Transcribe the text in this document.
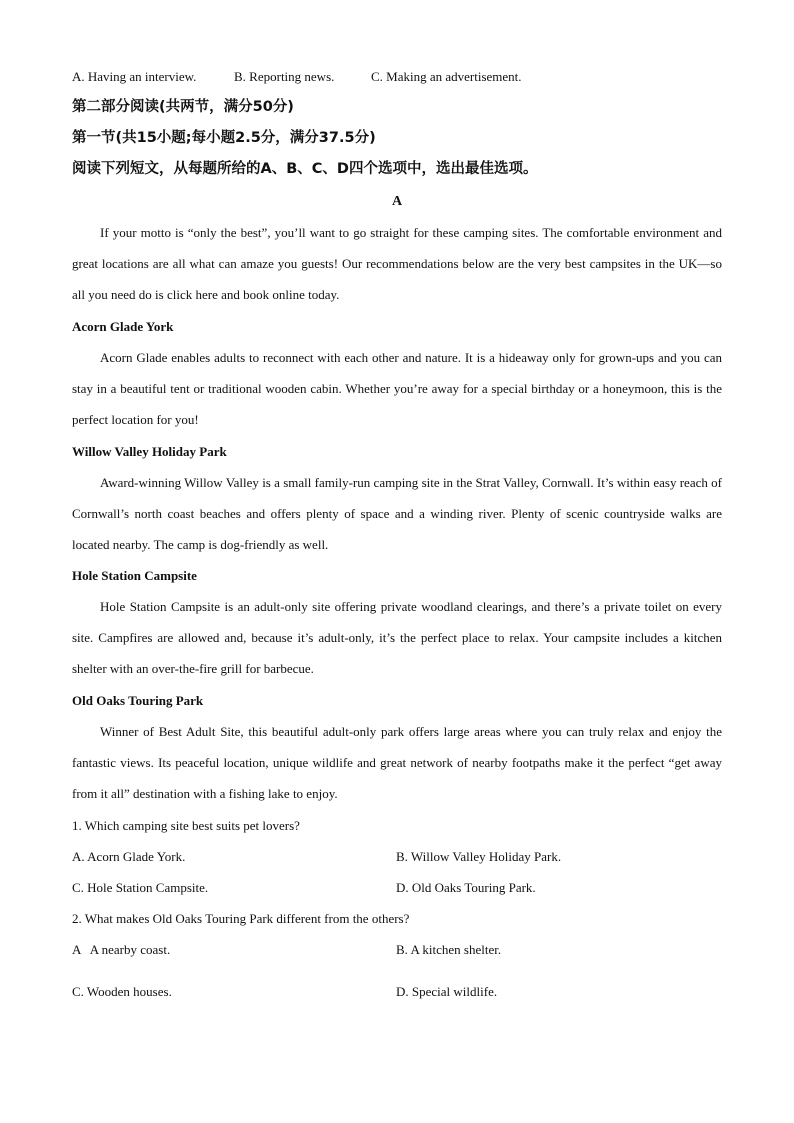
A. Having an interview.	B. Reporting news.	C. Making an advertisement.
第二部分阅读(共两节，满分50分)
第一节(共15小题;每小题2.5分，满分37.5分)
阅读下列短文，从每题所给的A、B、C、D四个选项中，选出最佳选项。
A
If your motto is “only the best”, you’ll want to go straight for these camping sites. The comfortable environment and great locations are all what can amaze you guests! Our recommendations below are the very best campsites in the UK—so all you need do is click here and book online today.
Acorn Glade York
Acorn Glade enables adults to reconnect with each other and nature. It is a hideaway only for grown-ups and you can stay in a beautiful tent or traditional wooden cabin. Whether you’re away for a special birthday or a honeymoon, this is the perfect location for you!
Willow Valley Holiday Park
Award-winning Willow Valley is a small family-run camping site in the Strat Valley, Cornwall. It’s within easy reach of Cornwall’s north coast beaches and offers plenty of space and a winding river. Plenty of scenic countryside walks are located nearby. The camp is dog-friendly as well.
Hole Station Campsite
Hole Station Campsite is an adult-only site offering private woodland clearings, and there’s a private toilet on every site. Campfires are allowed and, because it’s adult-only, it’s the perfect place to relax. Your campsite includes a kitchen shelter with an over-the-fire grill for barbecue.
Old Oaks Touring Park
Winner of Best Adult Site, this beautiful adult-only park offers large areas where you can truly relax and enjoy the fantastic views. Its peaceful location, unique wildlife and great network of nearby footpaths make it the perfect “get away from it all” destination with a fishing lake to enjoy.
1. Which camping site best suits pet lovers?
A. Acorn Glade York.	B. Willow Valley Holiday Park.
C. Hole Station Campsite.	D. Old Oaks Touring Park.
2. What makes Old Oaks Touring Park different from the others?
A   A nearby coast.	B. A kitchen shelter.
C. Wooden houses.	D. Special wildlife.
